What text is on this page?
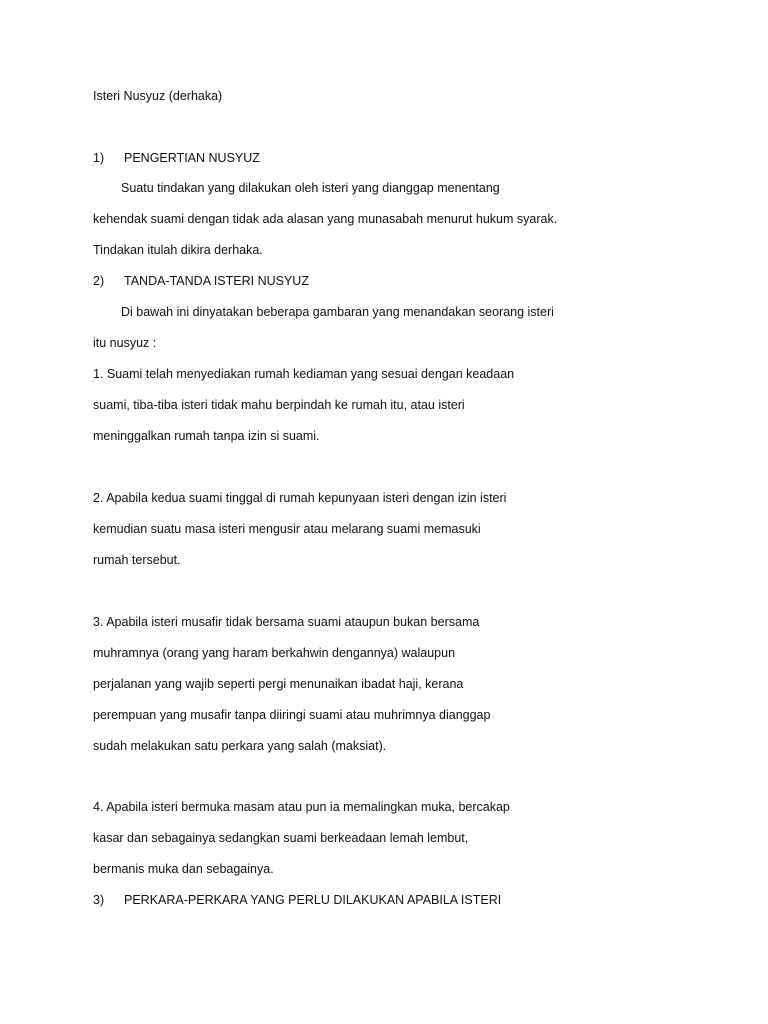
Isteri Nusyuz (derhaka)

1) PENGERTIAN NUSYUZ

Suatu tindakan yang dilakukan oleh isteri yang dianggap menentang

kehendak suami dengan tidak ada alasan yang munasabah menurut hukum syarak.

Tindakan itulah dikira derhaka.

2) TANDA-TANDA ISTERI NUSYUZ

Di bawah ini dinyatakan beberapa gambaran yang menandakan seorang isteri

itu nusyuz :

1. Suami telah menyediakan rumah kediaman yang sesuai dengan keadaan

suami, tiba-tiba isteri tidak mahu berpindah ke rumah itu, atau isteri

meninggalkan rumah tanpa izin si suami.

2. Apabila kedua suami tinggal di rumah kepunyaan isteri dengan izin isteri

kemudian suatu masa isteri mengusir atau melarang suami memasuki

rumah tersebut.

3. Apabila isteri musafir tidak bersama suami ataupun bukan bersama

muhramnya (orang yang haram berkahwin dengannya) walaupun

perjalanan yang wajib seperti pergi menunaikan ibadat haji, kerana

perempuan yang musafir tanpa diiringi suami atau muhrimnya dianggap

sudah melakukan satu perkara yang salah (maksiat).

4. Apabila isteri bermuka masam atau pun ia memalingkan muka, bercakap

kasar dan sebagainya sedangkan suami berkeadaan lemah lembut,

bermanis muka dan sebagainya.

3) PERKARA-PERKARA YANG PERLU DILAKUKAN APABILA ISTERI
